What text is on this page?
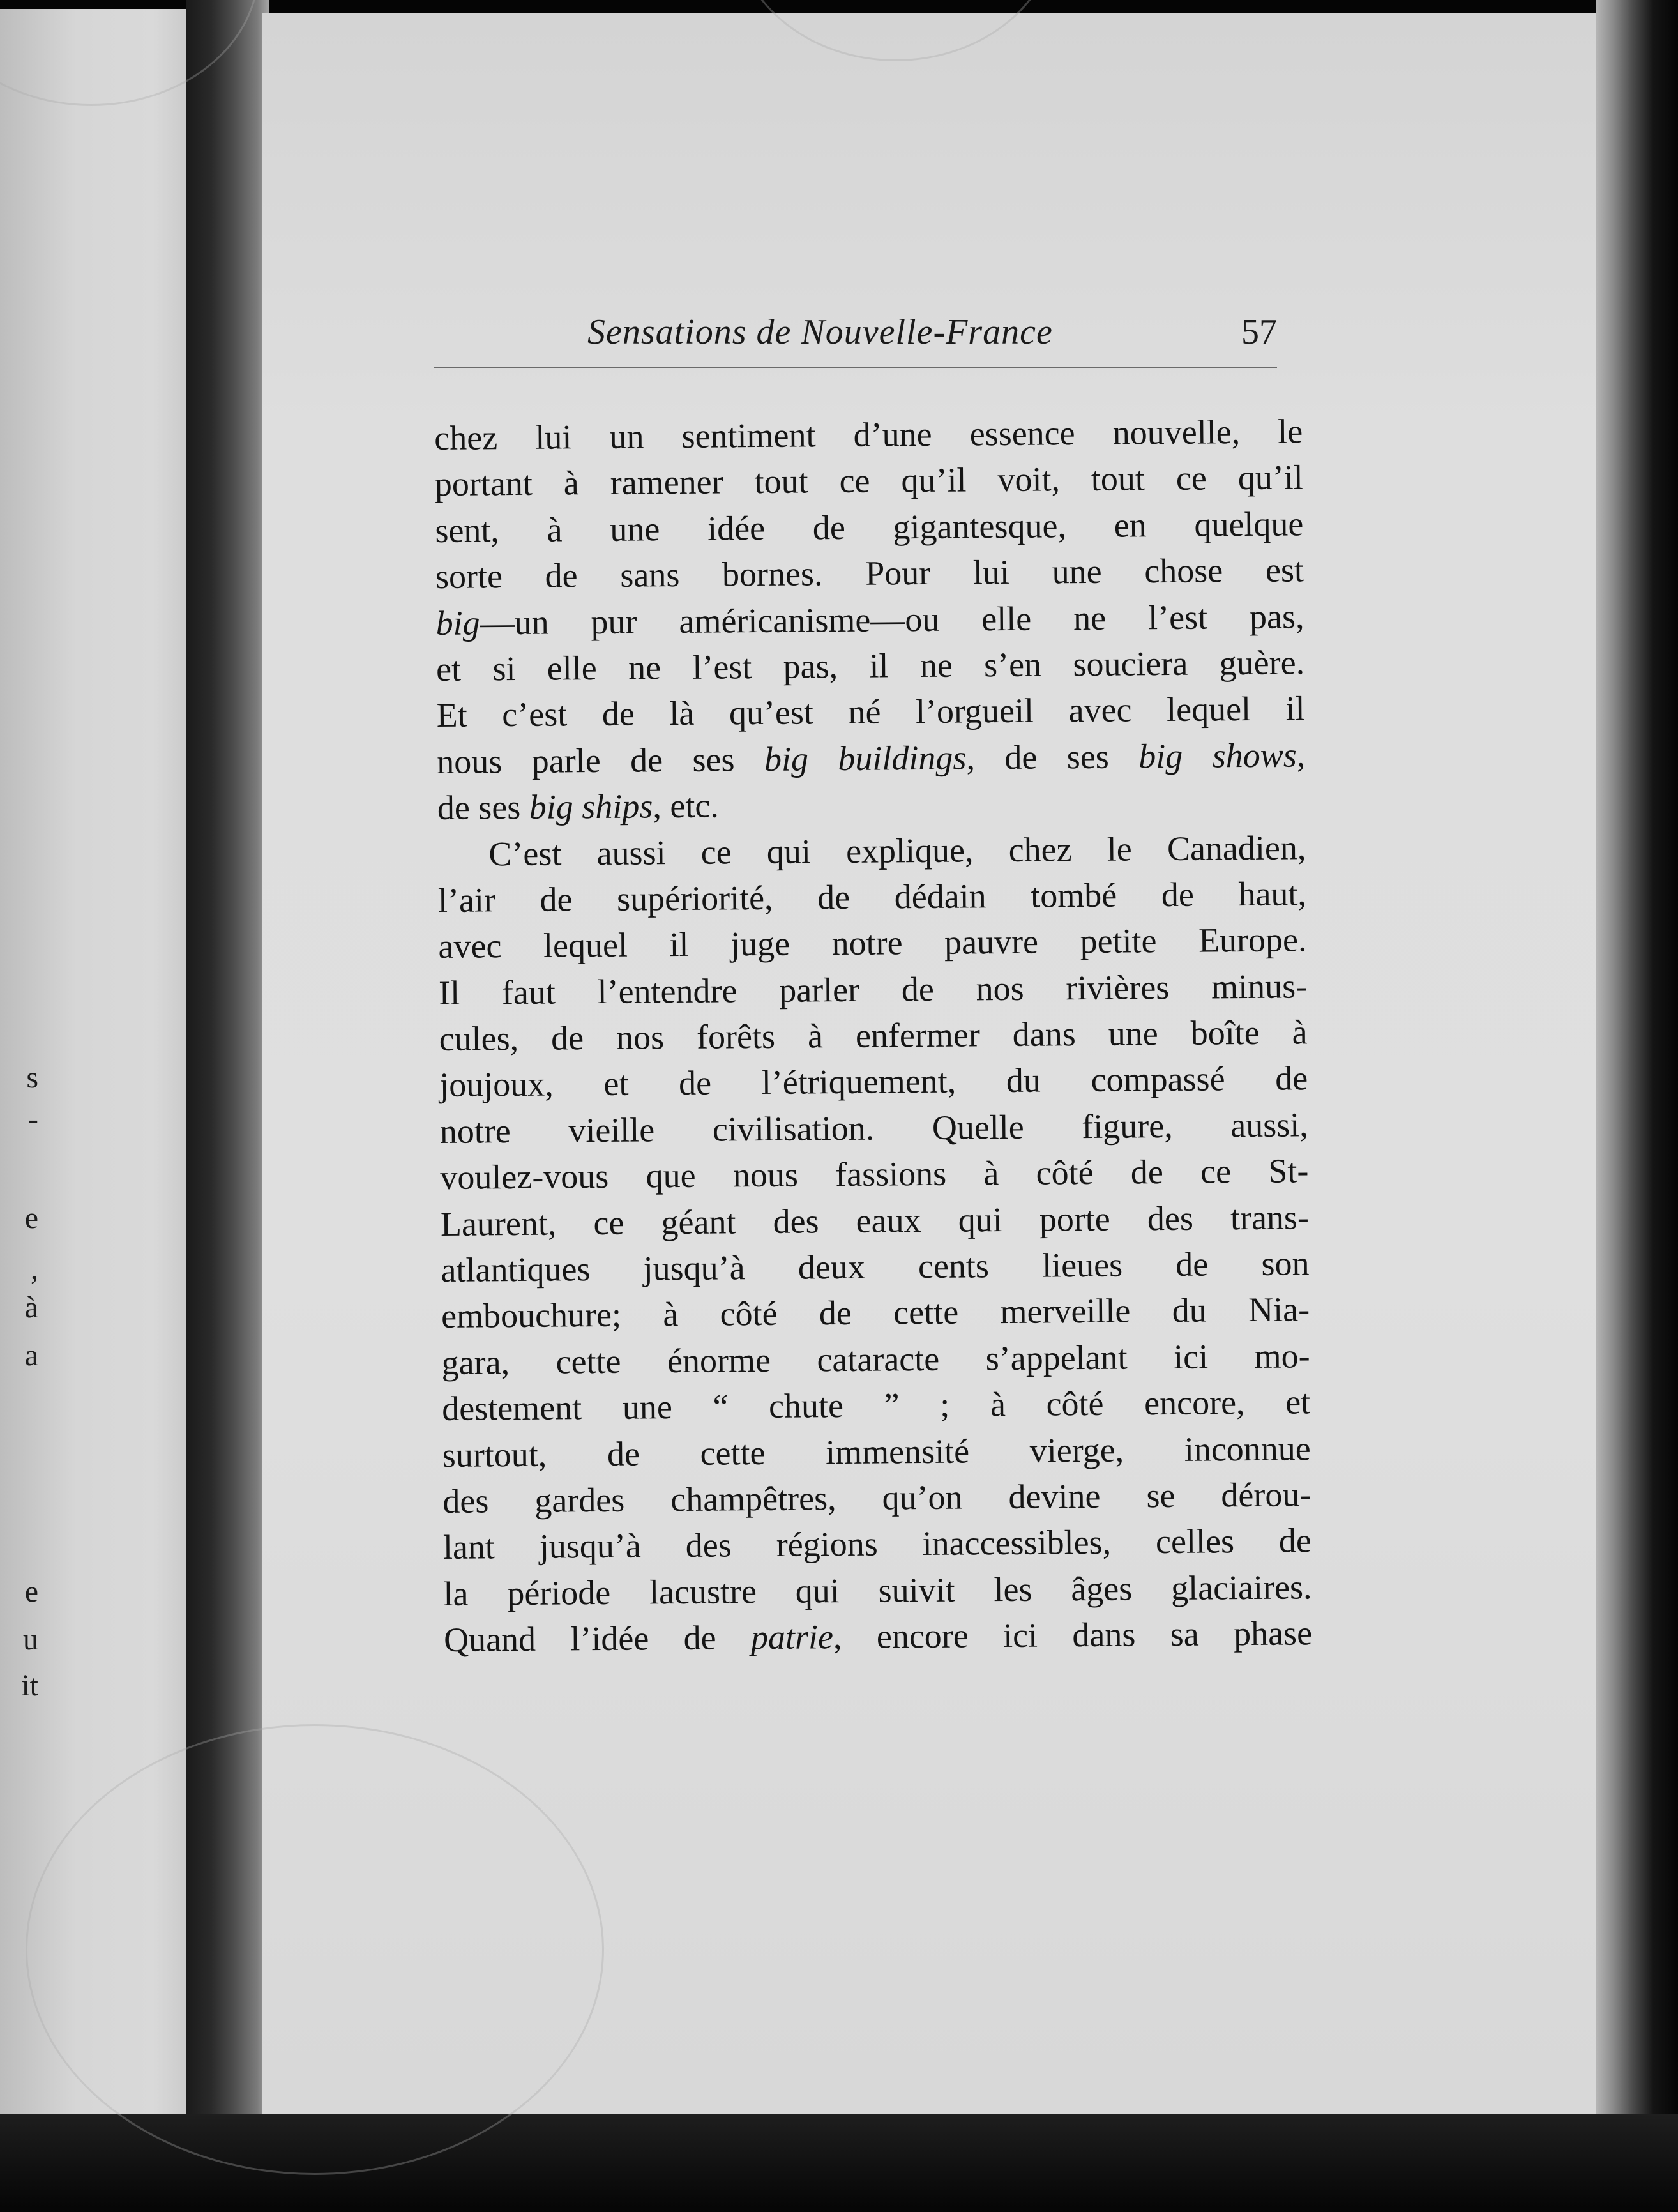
s
-
e
,
à
a
e
u
it
Sensations de Nouvelle-France	57
chez lui un sentiment d’une essence nouvelle, le
portant à ramener tout ce qu’il voit, tout ce qu’il
sent, à une idée de gigantesque, en quelque
sorte de sans bornes. Pour lui une chose est
big—un pur américanisme—ou elle ne l’est pas,
et si elle ne l’est pas, il ne s’en souciera guère.
Et c’est de là qu’est né l’orgueil avec lequel il
nous parle de ses big buildings, de ses big shows,
de ses big ships, etc.
C’est aussi ce qui explique, chez le Canadien,
l’air de supériorité, de dédain tombé de haut,
avec lequel il juge notre pauvre petite Europe.
Il faut l’entendre parler de nos rivières minus-
cules, de nos forêts à enfermer dans une boîte à
joujoux, et de l’étriquement, du compassé de
notre vieille civilisation. Quelle figure, aussi,
voulez-vous que nous fassions à côté de ce St-
Laurent, ce géant des eaux qui porte des trans-
atlantiques jusqu’à deux cents lieues de son
embouchure; à côté de cette merveille du Nia-
gara, cette énorme cataracte s’appelant ici mo-
destement une “ chute ” ; à côté encore, et
surtout, de cette immensité vierge, inconnue
des gardes champêtres, qu’on devine se dérou-
lant jusqu’à des régions inaccessibles, celles de
la période lacustre qui suivit les âges glaciaires.
Quand l’idée de patrie, encore ici dans sa phase
